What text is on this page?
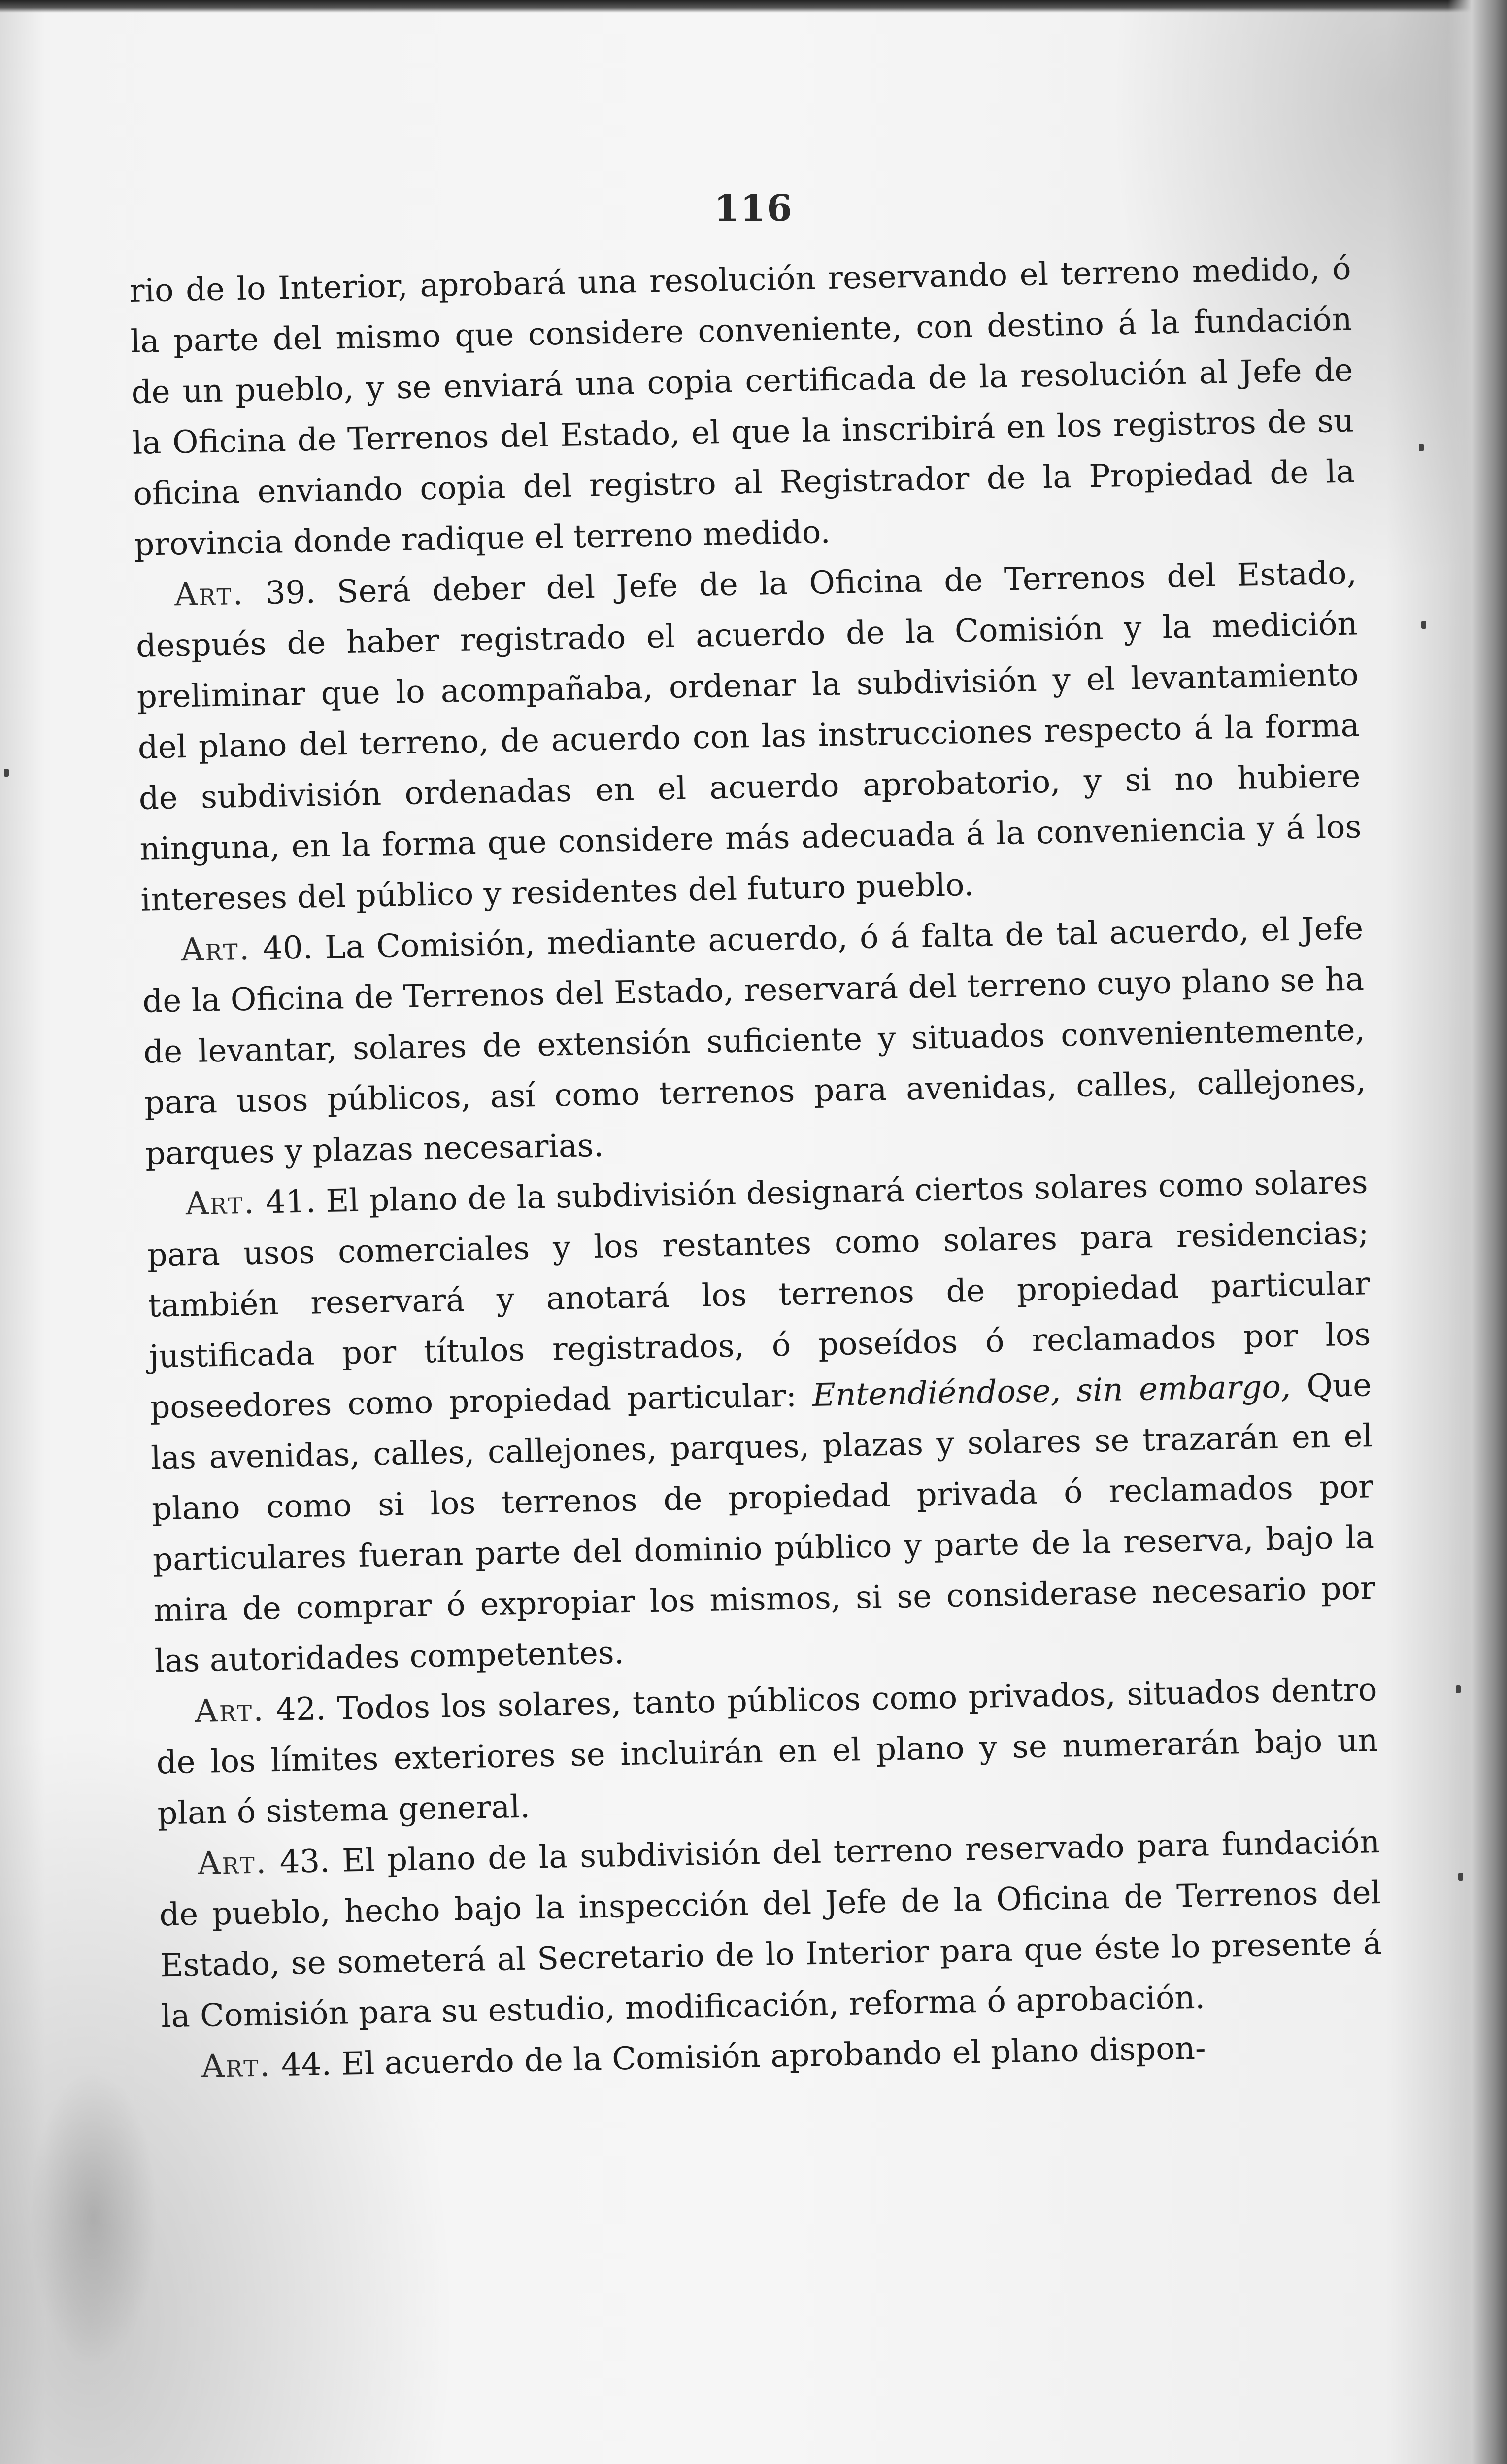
116

rio de lo Interior, aprobará una resolución reservando el terreno medido, ó la parte del mismo que considere conveniente, con destino á la fundación de un pueblo, y se enviará una copia certificada de la resolución al Jefe de la Oficina de Terrenos del Estado, el que la inscribirá en los registros de su oficina enviando copia del registro al Registrador de la Propiedad de la provincia donde radique el terreno medido.

Art. 39. Será deber del Jefe de la Oficina de Terrenos del Estado, después de haber registrado el acuerdo de la Comisión y la medición preliminar que lo acompañaba, ordenar la subdivisión y el levantamiento del plano del terreno, de acuerdo con las instrucciones respecto á la forma de subdivisión ordenadas en el acuerdo aprobatorio, y si no hubiere ninguna, en la forma que considere más adecuada á la conveniencia y á los intereses del público y residentes del futuro pueblo.

Art. 40. La Comisión, mediante acuerdo, ó á falta de tal acuerdo, el Jefe de la Oficina de Terrenos del Estado, reservará del terreno cuyo plano se ha de levantar, solares de extensión suficiente y situados convenientemente, para usos públicos, así como terrenos para avenidas, calles, callejones, parques y plazas necesarias.

Art. 41. El plano de la subdivisión designará ciertos solares como solares para usos comerciales y los restantes como solares para residencias; también reservará y anotará los terrenos de propiedad particular justificada por títulos registrados, ó poseídos ó reclamados por los poseedores como propiedad particular: Entendiéndose, sin embargo, Que las avenidas, calles, callejones, parques, plazas y solares se trazarán en el plano como si los terrenos de propiedad privada ó reclamados por particulares fueran parte del dominio público y parte de la reserva, bajo la mira de comprar ó expropiar los mismos, si se considerase necesario por las autoridades competentes.

Art. 42. Todos los solares, tanto públicos como privados, situados dentro de los límites exteriores se incluirán en el plano y se numerarán bajo un plan ó sistema general.

Art. 43. El plano de la subdivisión del terreno reservado para fundación de pueblo, hecho bajo la inspección del Jefe de la Oficina de Terrenos del Estado, se someterá al Secretario de lo Interior para que éste lo presente á la Comisión para su estudio, modificación, reforma ó aprobación.

Art. 44. El acuerdo de la Comisión aprobando el plano dispon-
